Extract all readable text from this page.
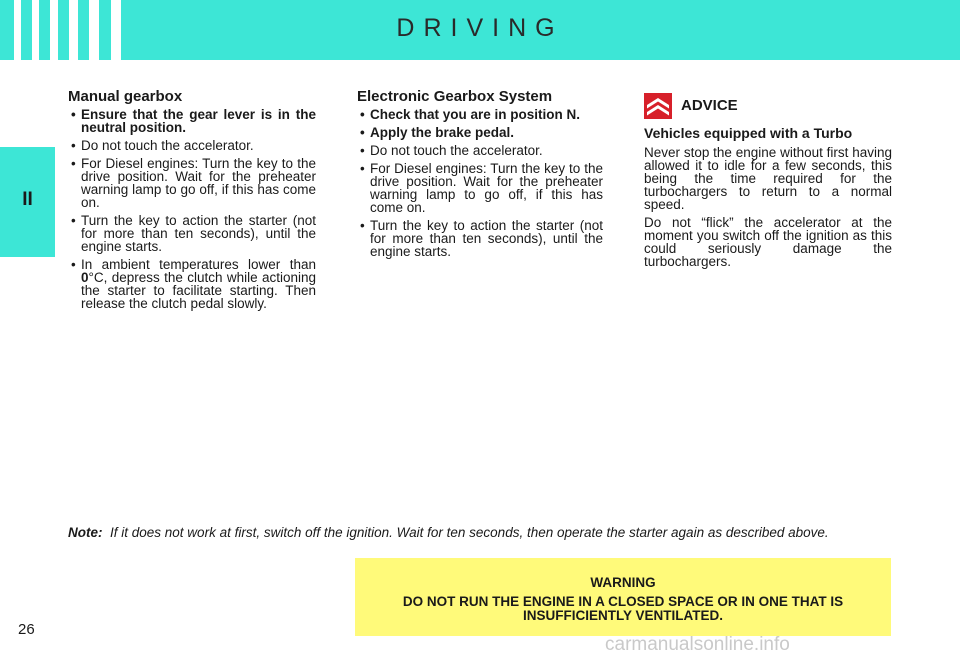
DRIVING
II
Manual gearbox
• Ensure that the gear lever is in the neutral position.
• Do not touch the accelerator.
• For Diesel engines: Turn the key to the drive position. Wait for the preheater warning lamp to go off, if this has come on.
• Turn the key to action the starter (not for more than ten seconds), until the engine starts.
• In ambient temperatures lower than 0°C, depress the clutch while actioning the starter to facilitate starting. Then release the clutch pedal slowly.
Electronic Gearbox System
• Check that you are in position N.
• Apply the brake pedal.
• Do not touch the accelerator.
• For Diesel engines: Turn the key to the drive position. Wait for the preheater warning lamp to go off, if this has come on.
• Turn the key to action the starter (not for more than ten seconds), until the engine starts.
ADVICE
Vehicles equipped with a Turbo

Never stop the engine without first having allowed it to idle for a few seconds, this being the time required for the turbochargers to return to a normal speed.

Do not “flick” the accelerator at the moment you switch off the ignition as this could seriously damage the turbochargers.

Note: If it does not work at first, switch off the ignition. Wait for ten seconds, then operate the starter again as described above.
WARNING
DO NOT RUN THE ENGINE IN A CLOSED SPACE OR IN ONE THAT IS INSUFFICIENTLY VENTILATED.
26
carmanualsonline.info
